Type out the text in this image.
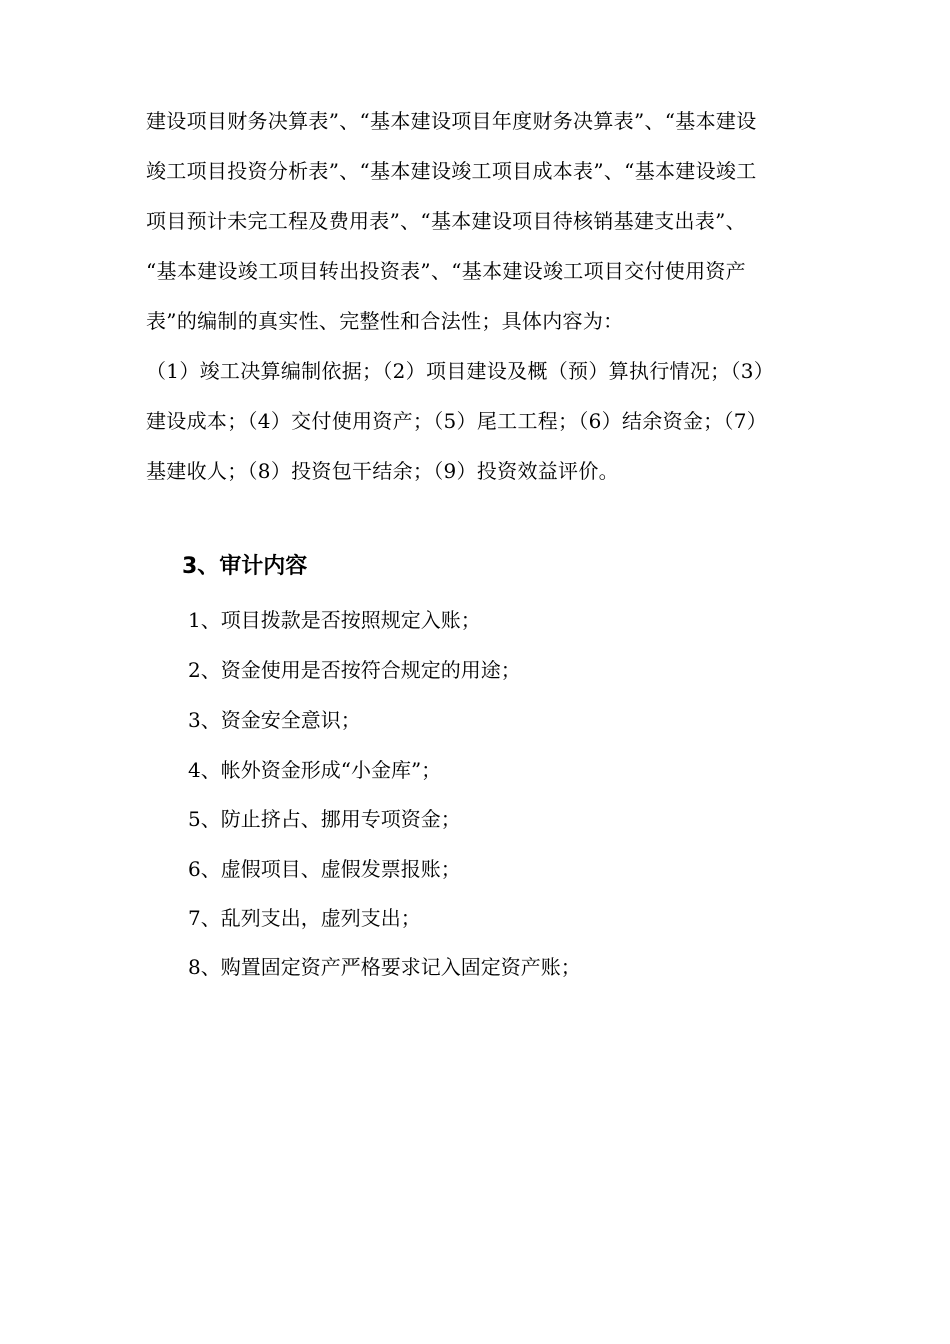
建设项目财务决算表”、“基本建设项目年度财务决算表”、“基本建设
竣工项目投资分析表”、“基本建设竣工项目成本表”、“基本建设竣工
项目预计未完工程及费用表”、“基本建设项目待核销基建支出表”、
“基本建设竣工项目转出投资表”、“基本建设竣工项目交付使用资产
表”的编制的真实性、完整性和合法性；具体内容为：
（1）竣工决算编制依据；（2）项目建设及概（预）算执行情况；（3）
建设成本；（4）交付使用资产；（5）尾工工程；（6）结余资金；（7）
基建收人；（8）投资包干结余；（9）投资效益评价。
3、审计内容
1、项目拨款是否按照规定入账；
2、资金使用是否按符合规定的用途；
3、资金安全意识；
4、帐外资金形成“小金库”；
5、防止挤占、挪用专项资金；
6、虚假项目、虚假发票报账；
7、乱列支出，虚列支出；
8、购置固定资产严格要求记入固定资产账；
